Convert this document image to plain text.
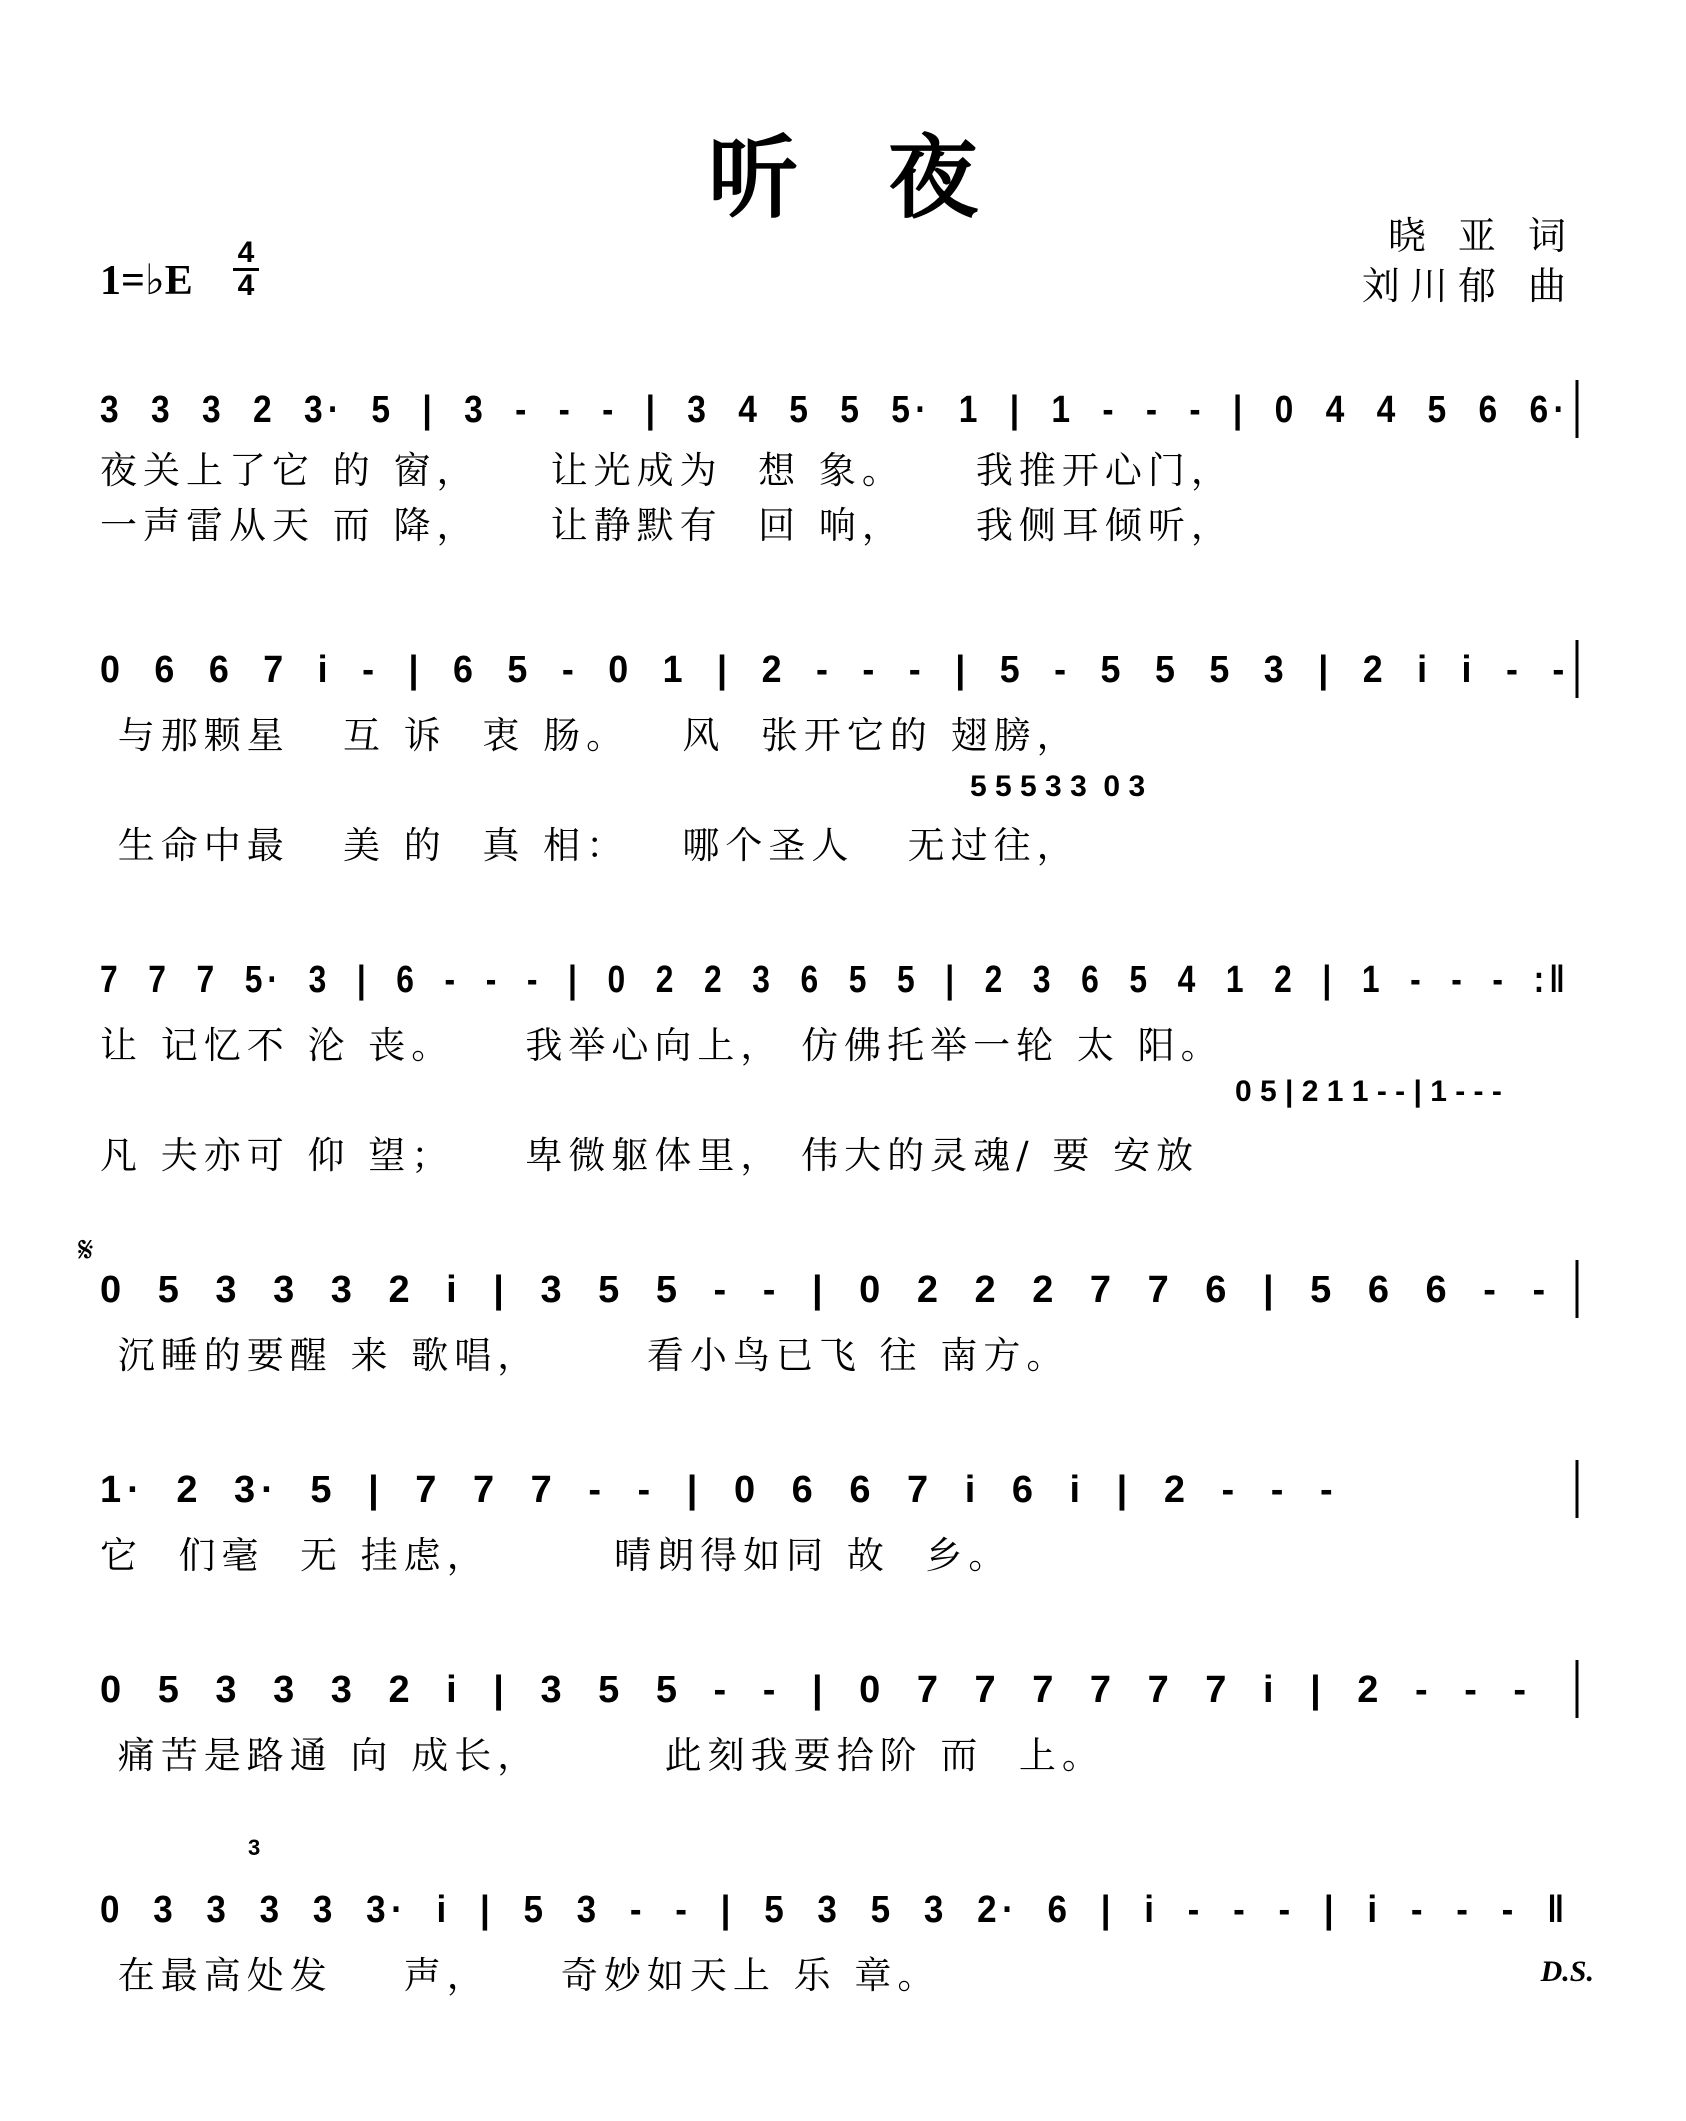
听夜
晓 亚 词
刘川郁 曲
1=♭E
4
4
3 3 3 2 3· 5 | 3 - - - | 3 4 5 5 5· 1 | 1 - - - | 0 4 4 5 6 6·
夜关上了它 的 窗，    让光成为  想 象。    我推开心门，
一声雷从天 而 降，    让静默有  回 响，    我侧耳倾听，
0 6 6 7 i - | 6 5 - 0 1 | 2 - - - | 5 - 5 5 5 3 | 2 i i - -
与那颗星   互 诉  衷 肠。   风  张开它的 翅膀，
5 5 5 3 3  0 3
生命中最   美 的  真 相：   哪个圣人   无过往，
7 7 7 5· 3 | 6 - - - | 0 2 2 3 6 5 5 | 2 3 6 5 4 1 2 | 1 - - - :‖
让 记忆不 沦 丧。    我举心向上， 仿佛托举一轮 太 阳。
0 5 | 2 1 1 - - | 1 - - -
凡 夫亦可 仰 望；    卑微躯体里， 伟大的灵魂/ 要 安放
𝄋
0 5 3 3 3 2 i | 3 5 5 - - | 0 2 2 2 7 7 6 | 5 6 6 - -
沉睡的要醒 来 歌唱，      看小鸟已飞 往 南方。
1· 2 3· 5 | 7 7 7 - - | 0 6 6 7 i 6 i | 2 - - -
它  们毫  无 挂虑，       晴朗得如同 故  乡。
0 5 3 3 3 2 i | 3 5 5 - - | 0 7 7 7 7 7 7 i | 2 - - -
痛苦是路通 向 成长，       此刻我要拾阶 而  上。
3
0 3 3 3 3 3· i | 5 3 - - | 5 3 5 3 2· 6 | i - - - | i - - - ‖
在最高处发    声，    奇妙如天上 乐 章。	D.S.
